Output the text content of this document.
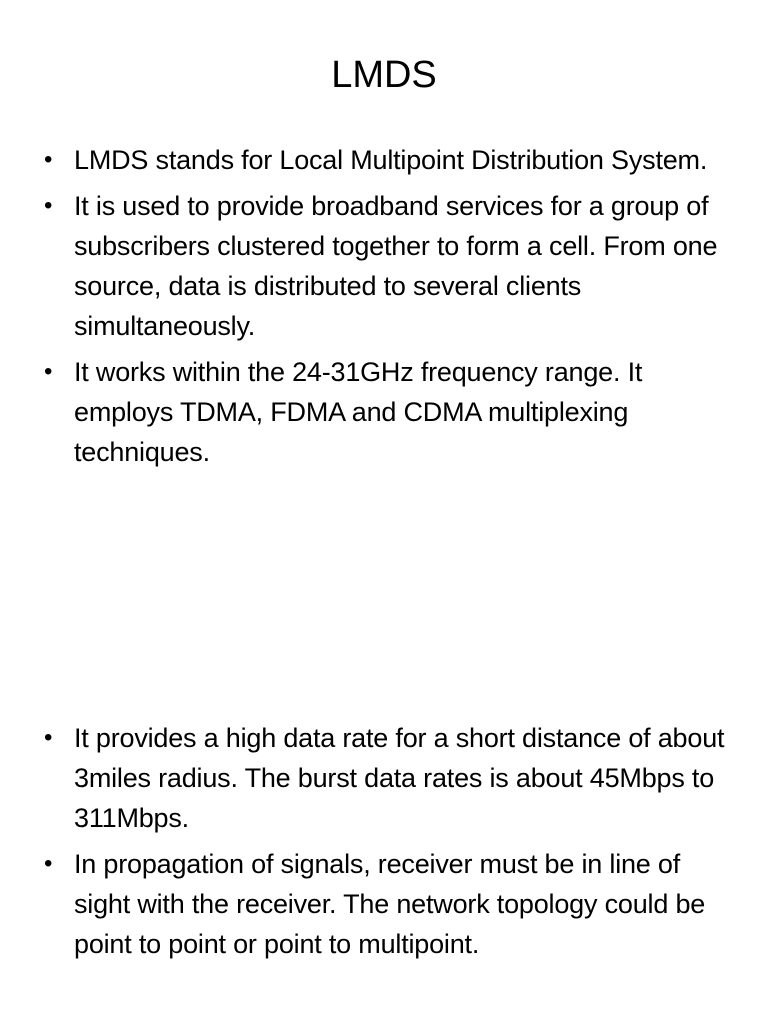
LMDS
• LMDS stands for Local Multipoint Distribution System.
• It is used to provide broadband services for a group of subscribers clustered together to form a cell. From one source, data is distributed to several clients simultaneously.
• It works within the 24-31GHz frequency range. It employs TDMA, FDMA and CDMA multiplexing techniques.
• It provides a high data rate for a short distance of about 3miles radius. The burst data rates is about 45Mbps to 311Mbps.
• In propagation of signals, receiver must be in line of sight with the receiver. The network topology could be point to point or point to multipoint.
